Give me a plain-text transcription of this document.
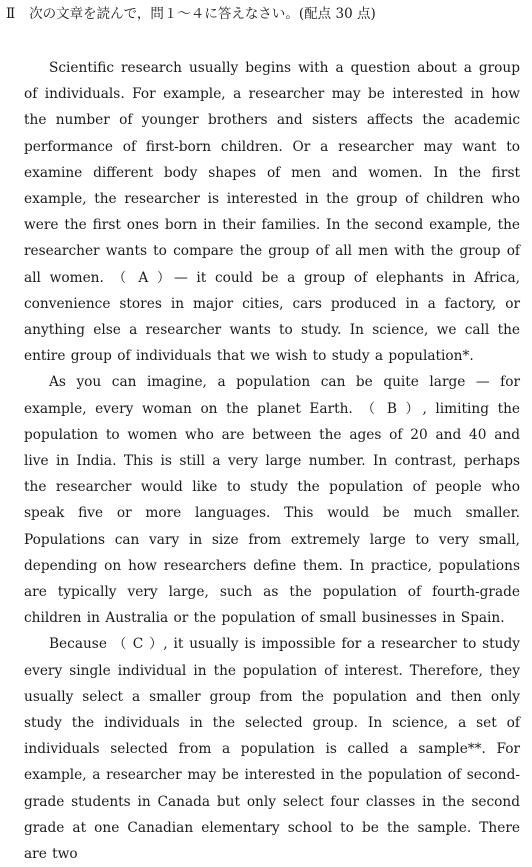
Ⅱ 次の文章を読んで，問１～４に答えなさい。(配点 30 点)

Scientific research usually begins with a question about a group of individuals. For example, a researcher may be interested in how the number of younger brothers and sisters affects the academic performance of first-born children. Or a researcher may want to examine different body shapes of men and women. In the first example, the researcher is interested in the group of children who were the first ones born in their families. In the second example, the researcher wants to compare the group of all men with the group of all women. （ A ）— it could be a group of elephants in Africa, convenience stores in major cities, cars produced in a factory, or anything else a researcher wants to study. In science, we call the entire group of individuals that we wish to study a population*.

As you can imagine, a population can be quite large — for example, every woman on the planet Earth. （ B ）, limiting the population to women who are between the ages of 20 and 40 and live in India. This is still a very large number. In contrast, perhaps the researcher would like to study the population of people who speak five or more languages. This would be much smaller. Populations can vary in size from extremely large to very small, depending on how researchers define them. In practice, populations are typically very large, such as the population of fourth-grade children in Australia or the population of small businesses in Spain.

Because （ C ）, it usually is impossible for a researcher to study every single individual in the population of interest. Therefore, they usually select a smaller group from the population and then only study the individuals in the selected group. In science, a set of individuals selected from a population is called a sample**. For example, a researcher may be interested in the population of second-grade students in Canada but only select four classes in the second grade at one Canadian elementary school to be the sample. There are two
